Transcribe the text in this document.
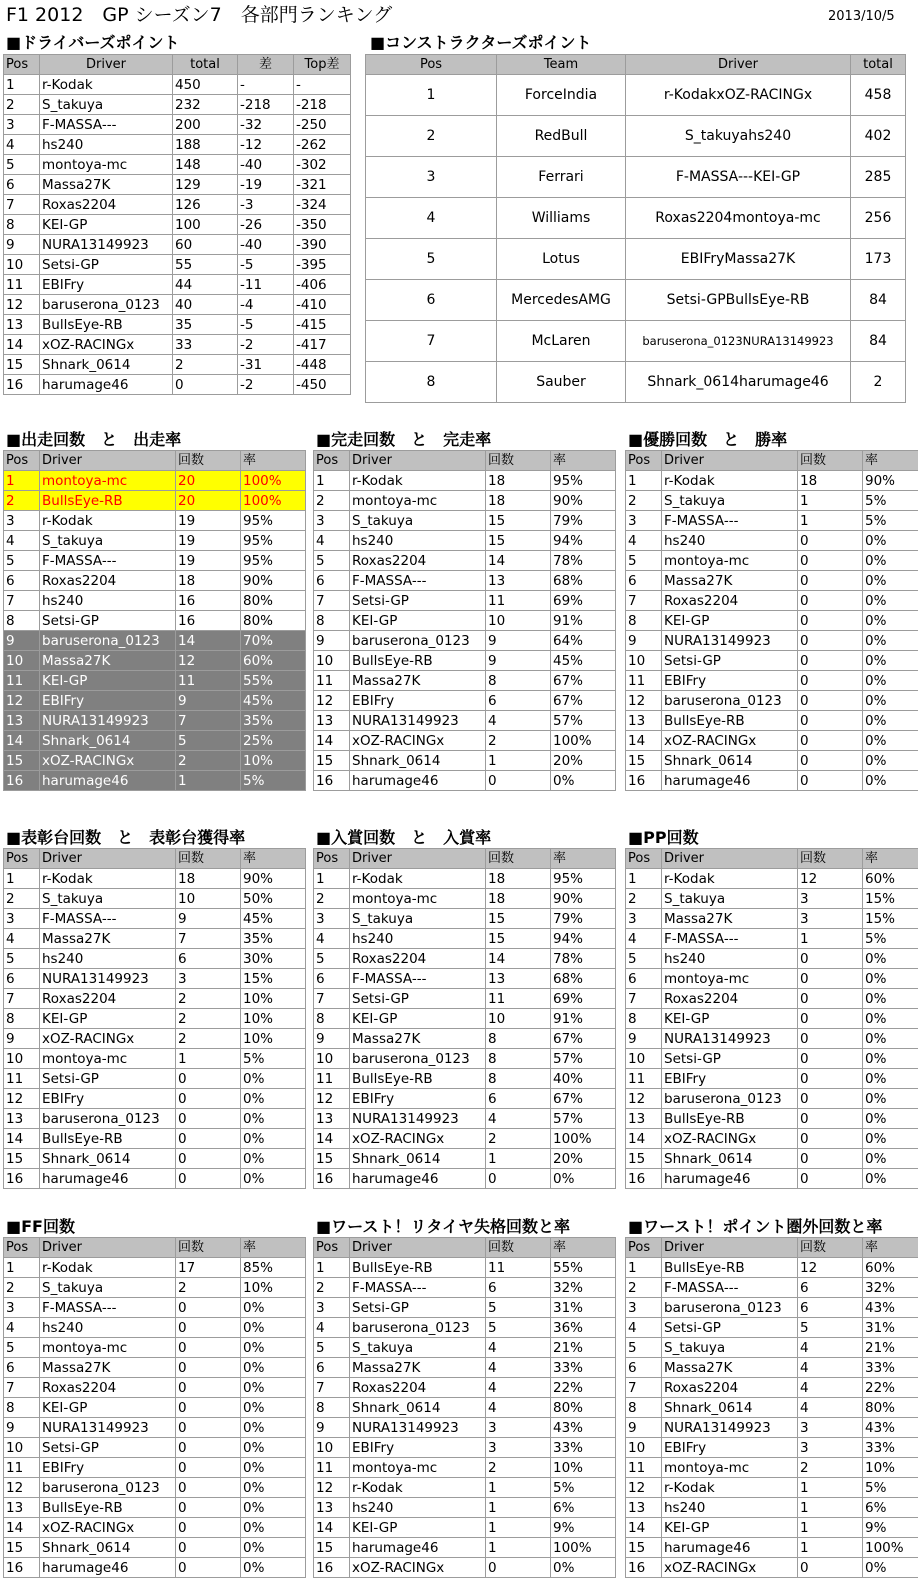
F1 2012　GP シーズン7　各部門ランキング	2013/10/5
■ドライバーズポイント
Pos	Driver	total	差	Top差
1	r-Kodak	450	-	-
2	S_takuya	232	-218	-218
3	F-MASSA---	200	-32	-250
4	hs240	188	-12	-262
5	montoya-mc	148	-40	-302
6	Massa27K	129	-19	-321
7	Roxas2204	126	-3	-324
8	KEI-GP	100	-26	-350
9	NURA13149923	60	-40	-390
10	Setsi-GP	55	-5	-395
11	EBIFry	44	-11	-406
12	baruserona_0123	40	-4	-410
13	BullsEye-RB	35	-5	-415
14	xOZ-RACINGx	33	-2	-417
15	Shnark_0614	2	-31	-448
16	harumage46	0	-2	-450
■コンストラクターズポイント
Pos	Team	Driver	total
1	ForceIndia	r-KodakxOZ-RACINGx	458
2	RedBull	S_takuyahs240	402
3	Ferrari	F-MASSA---KEI-GP	285
4	Williams	Roxas2204montoya-mc	256
5	Lotus	EBIFryMassa27K	173
6	MercedesAMG	Setsi-GPBullsEye-RB	84
7	McLaren	baruserona_0123NURA13149923	84
8	Sauber	Shnark_0614harumage46	2
■出走回数　と　出走率
Pos	Driver	回数	率
1	montoya-mc	20	100%
2	BullsEye-RB	20	100%
3	r-Kodak	19	95%
4	S_takuya	19	95%
5	F-MASSA---	19	95%
6	Roxas2204	18	90%
7	hs240	16	80%
8	Setsi-GP	16	80%
9	baruserona_0123	14	70%
10	Massa27K	12	60%
11	KEI-GP	11	55%
12	EBIFry	9	45%
13	NURA13149923	7	35%
14	Shnark_0614	5	25%
15	xOZ-RACINGx	2	10%
16	harumage46	1	5%
■完走回数　と　完走率
Pos	Driver	回数	率
1	r-Kodak	18	95%
2	montoya-mc	18	90%
3	S_takuya	15	79%
4	hs240	15	94%
5	Roxas2204	14	78%
6	F-MASSA---	13	68%
7	Setsi-GP	11	69%
8	KEI-GP	10	91%
9	baruserona_0123	9	64%
10	BullsEye-RB	9	45%
11	Massa27K	8	67%
12	EBIFry	6	67%
13	NURA13149923	4	57%
14	xOZ-RACINGx	2	100%
15	Shnark_0614	1	20%
16	harumage46	0	0%
■優勝回数　と　勝率
Pos	Driver	回数	率
1	r-Kodak	18	90%
2	S_takuya	1	5%
3	F-MASSA---	1	5%
4	hs240	0	0%
5	montoya-mc	0	0%
6	Massa27K	0	0%
7	Roxas2204	0	0%
8	KEI-GP	0	0%
9	NURA13149923	0	0%
10	Setsi-GP	0	0%
11	EBIFry	0	0%
12	baruserona_0123	0	0%
13	BullsEye-RB	0	0%
14	xOZ-RACINGx	0	0%
15	Shnark_0614	0	0%
16	harumage46	0	0%
■表彰台回数　と　表彰台獲得率
Pos	Driver	回数	率
1	r-Kodak	18	90%
2	S_takuya	10	50%
3	F-MASSA---	9	45%
4	Massa27K	7	35%
5	hs240	6	30%
6	NURA13149923	3	15%
7	Roxas2204	2	10%
8	KEI-GP	2	10%
9	xOZ-RACINGx	2	10%
10	montoya-mc	1	5%
11	Setsi-GP	0	0%
12	EBIFry	0	0%
13	baruserona_0123	0	0%
14	BullsEye-RB	0	0%
15	Shnark_0614	0	0%
16	harumage46	0	0%
■入賞回数　と　入賞率
Pos	Driver	回数	率
1	r-Kodak	18	95%
2	montoya-mc	18	90%
3	S_takuya	15	79%
4	hs240	15	94%
5	Roxas2204	14	78%
6	F-MASSA---	13	68%
7	Setsi-GP	11	69%
8	KEI-GP	10	91%
9	Massa27K	8	67%
10	baruserona_0123	8	57%
11	BullsEye-RB	8	40%
12	EBIFry	6	67%
13	NURA13149923	4	57%
14	xOZ-RACINGx	2	100%
15	Shnark_0614	1	20%
16	harumage46	0	0%
■PP回数
Pos	Driver	回数	率
1	r-Kodak	12	60%
2	S_takuya	3	15%
3	Massa27K	3	15%
4	F-MASSA---	1	5%
5	hs240	0	0%
6	montoya-mc	0	0%
7	Roxas2204	0	0%
8	KEI-GP	0	0%
9	NURA13149923	0	0%
10	Setsi-GP	0	0%
11	EBIFry	0	0%
12	baruserona_0123	0	0%
13	BullsEye-RB	0	0%
14	xOZ-RACINGx	0	0%
15	Shnark_0614	0	0%
16	harumage46	0	0%
■FF回数
Pos	Driver	回数	率
1	r-Kodak	17	85%
2	S_takuya	2	10%
3	F-MASSA---	0	0%
4	hs240	0	0%
5	montoya-mc	0	0%
6	Massa27K	0	0%
7	Roxas2204	0	0%
8	KEI-GP	0	0%
9	NURA13149923	0	0%
10	Setsi-GP	0	0%
11	EBIFry	0	0%
12	baruserona_0123	0	0%
13	BullsEye-RB	0	0%
14	xOZ-RACINGx	0	0%
15	Shnark_0614	0	0%
16	harumage46	0	0%
■ワースト！リタイヤ失格回数と率
Pos	Driver	回数	率
1	BullsEye-RB	11	55%
2	F-MASSA---	6	32%
3	Setsi-GP	5	31%
4	baruserona_0123	5	36%
5	S_takuya	4	21%
6	Massa27K	4	33%
7	Roxas2204	4	22%
8	Shnark_0614	4	80%
9	NURA13149923	3	43%
10	EBIFry	3	33%
11	montoya-mc	2	10%
12	r-Kodak	1	5%
13	hs240	1	6%
14	KEI-GP	1	9%
15	harumage46	1	100%
16	xOZ-RACINGx	0	0%
■ワースト！ポイント圏外回数と率
Pos	Driver	回数	率
1	BullsEye-RB	12	60%
2	F-MASSA---	6	32%
3	baruserona_0123	6	43%
4	Setsi-GP	5	31%
5	S_takuya	4	21%
6	Massa27K	4	33%
7	Roxas2204	4	22%
8	Shnark_0614	4	80%
9	NURA13149923	3	43%
10	EBIFry	3	33%
11	montoya-mc	2	10%
12	r-Kodak	1	5%
13	hs240	1	6%
14	KEI-GP	1	9%
15	harumage46	1	100%
16	xOZ-RACINGx	0	0%
